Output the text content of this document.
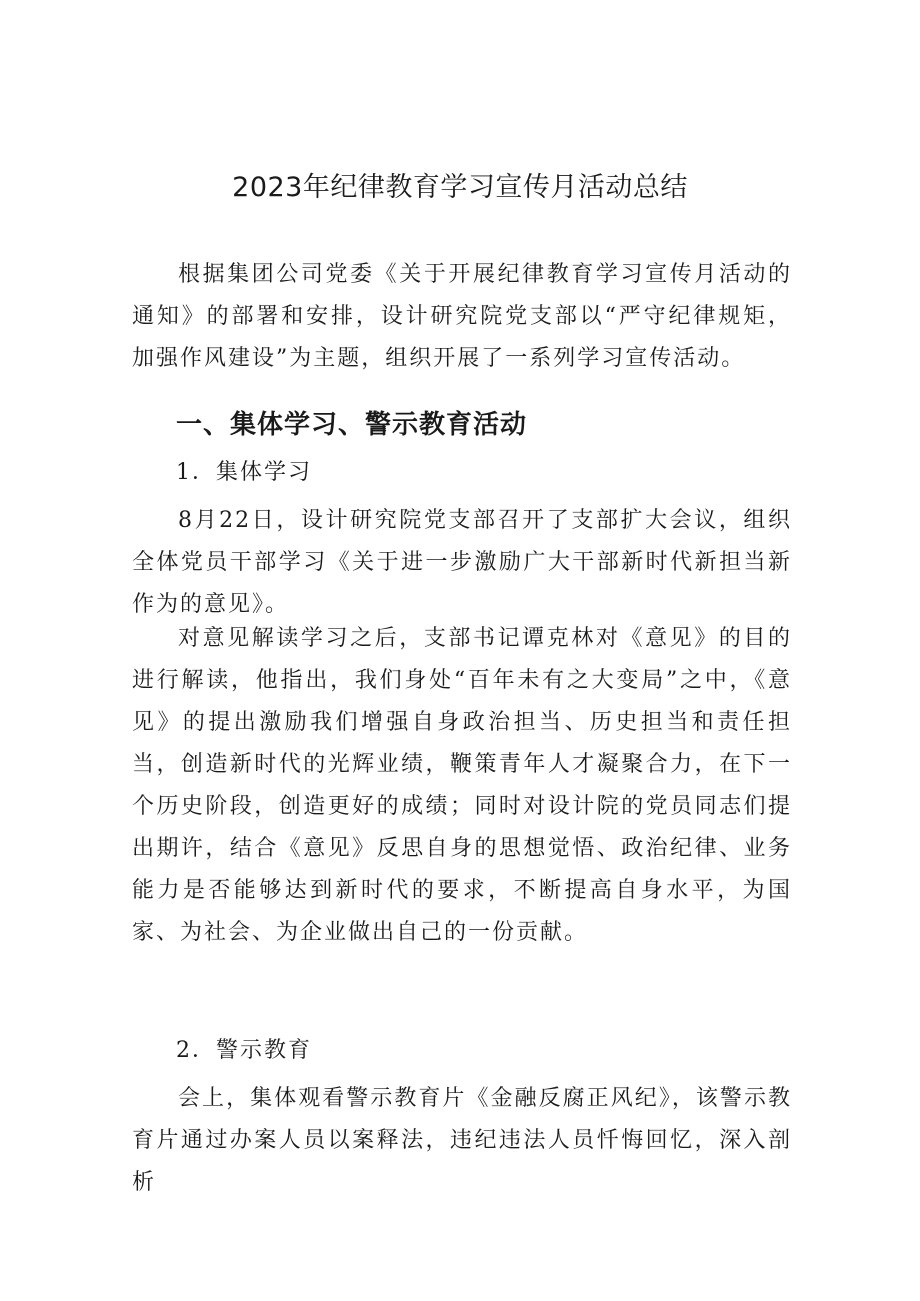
2023年纪律教育学习宣传月活动总结

根据集团公司党委《关于开展纪律教育学习宣传月活动的通知》的部署和安排，设计研究院党支部以“严守纪律规矩，加强作风建设”为主题，组织开展了一系列学习宣传活动。

一、集体学习、警示教育活动

1．集体学习

8月22日，设计研究院党支部召开了支部扩大会议，组织全体党员干部学习《关于进一步激励广大干部新时代新担当新作为的意见》。

对意见解读学习之后，支部书记谭克林对《意见》的目的进行解读，他指出，我们身处“百年未有之大变局”之中，《意见》的提出激励我们增强自身政治担当、历史担当和责任担当，创造新时代的光辉业绩，鞭策青年人才凝聚合力，在下一个历史阶段，创造更好的成绩；同时对设计院的党员同志们提出期许，结合《意见》反思自身的思想觉悟、政治纪律、业务能力是否能够达到新时代的要求，不断提高自身水平，为国家、为社会、为企业做出自己的一份贡献。

2．警示教育

会上，集体观看警示教育片《金融反腐正风纪》，该警示教育片通过办案人员以案释法，违纪违法人员忏悔回忆，深入剖析
